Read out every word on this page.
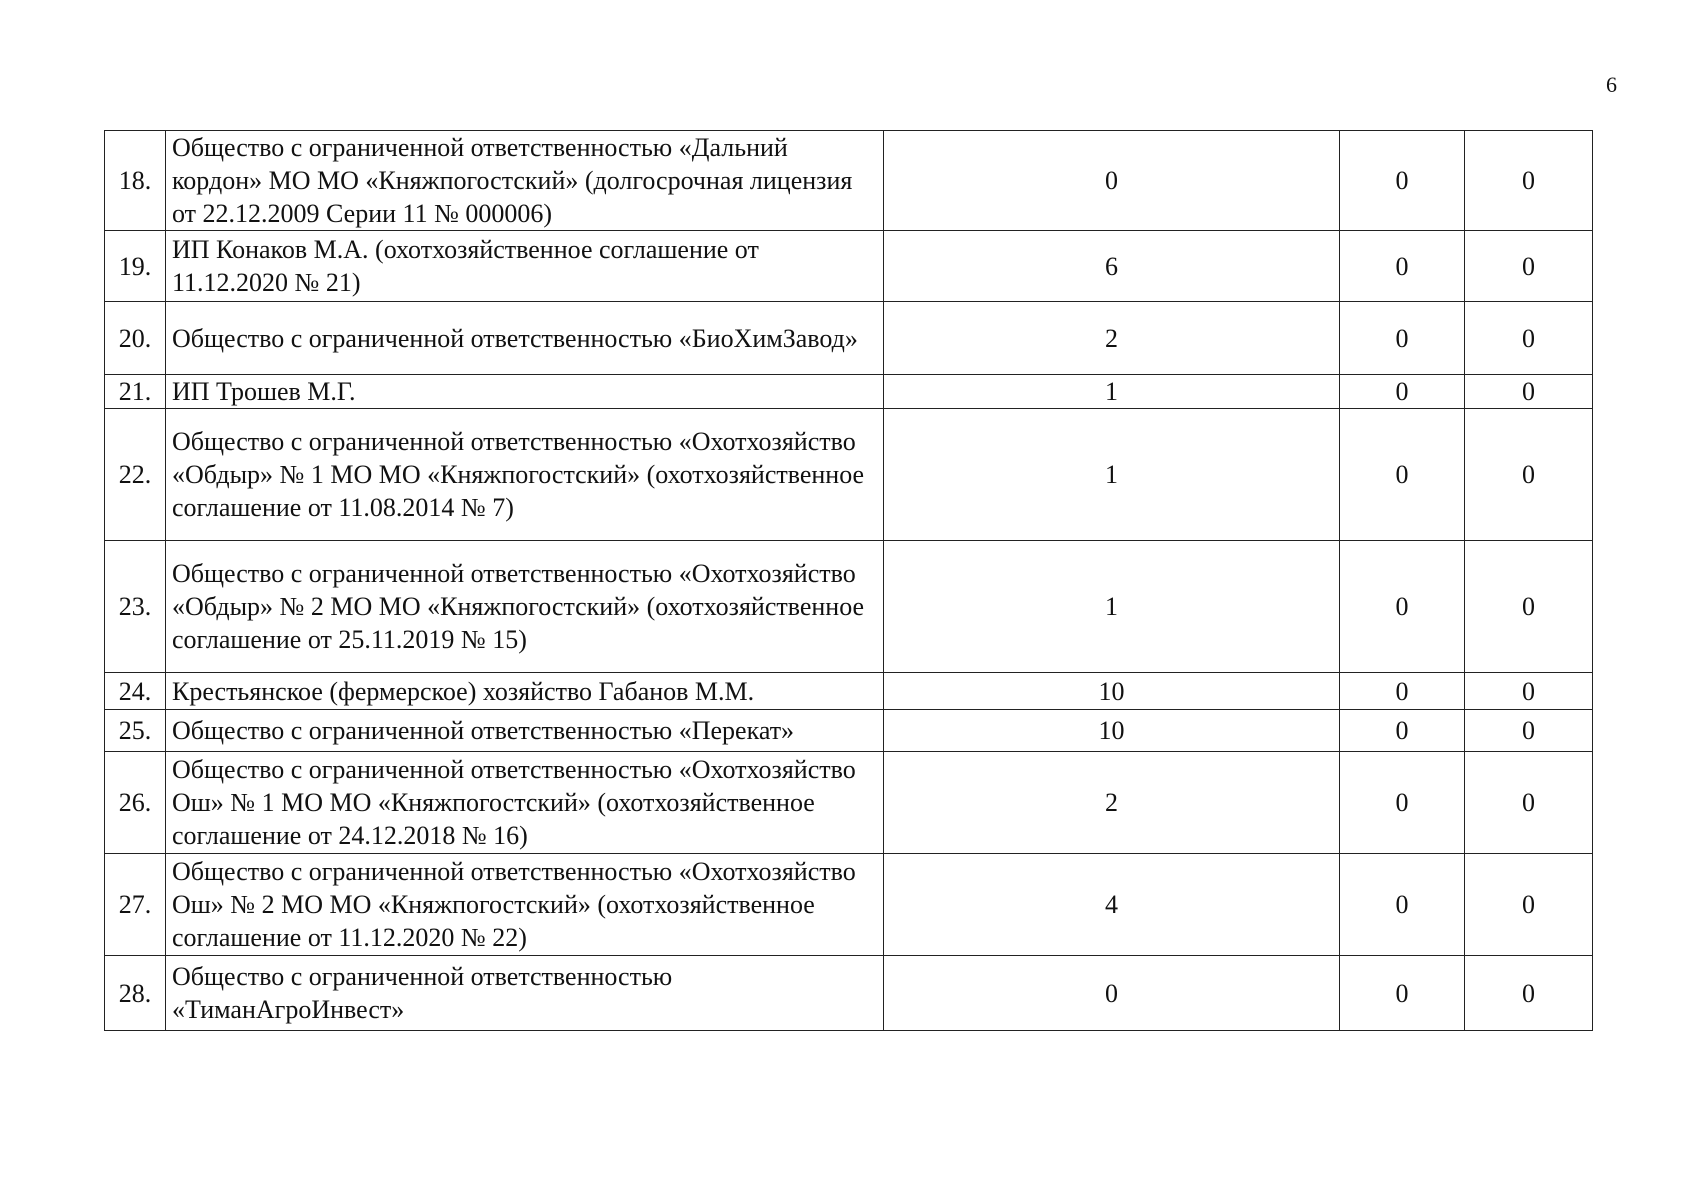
6
18.	Общество с ограниченной ответственностью «Дальний кордон» МО МО «Княжпогостский» (долгосрочная лицензия от 22.12.2009 Серии 11 № 000006)	0	0	0
19.	ИП Конаков М.А. (охотхозяйственное соглашение от 11.12.2020 № 21)	6	0	0
20.	Общество с ограниченной ответственностью «БиоХимЗавод»	2	0	0
21.	ИП Трошев М.Г.	1	0	0
22.	Общество с ограниченной ответственностью «Охотхозяйство «Обдыр» № 1 МО МО «Княжпогостский» (охотхозяйственное соглашение от 11.08.2014 № 7)	1	0	0
23.	Общество с ограниченной ответственностью «Охотхозяйство «Обдыр» № 2 МО МО «Княжпогостский» (охотхозяйственное соглашение от 25.11.2019 № 15)	1	0	0
24.	Крестьянское (фермерское) хозяйство Габанов М.М.	10	0	0
25.	Общество с ограниченной ответственностью «Перекат»	10	0	0
26.	Общество с ограниченной ответственностью «Охотхозяйство Ош» № 1 МО МО «Княжпогостский» (охотхозяйственное соглашение от 24.12.2018 № 16)	2	0	0
27.	Общество с ограниченной ответственностью «Охотхозяйство Ош» № 2 МО МО «Княжпогостский» (охотхозяйственное соглашение от 11.12.2020 № 22)	4	0	0
28.	Общество с ограниченной ответственностью «ТиманАгроИнвест»	0	0	0
